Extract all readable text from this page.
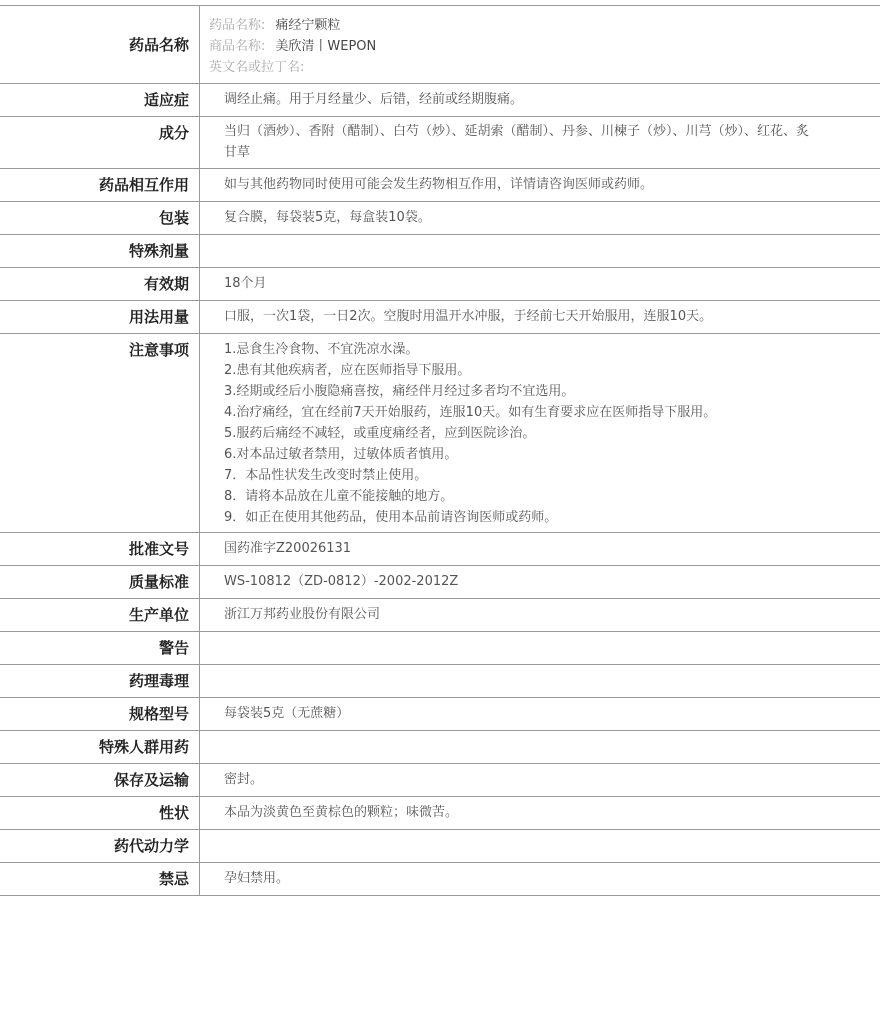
药品名称
药品名称: 痛经宁颗粒
商品名称: 美欣清丨WEPON
英文名或拉丁名:
适应症	调经止痛。用于月经量少、后错，经前或经期腹痛。
成分	当归（酒炒）、香附（醋制）、白芍（炒）、延胡索（醋制）、丹参、川楝子（炒）、川芎（炒）、红花、炙甘草
药品相互作用	如与其他药物同时使用可能会发生药物相互作用，详情请咨询医师或药师。
包装	复合膜，每袋装5克，每盒装10袋。
特殊剂量
有效期	18个月
用法用量	口服，一次1袋，一日2次。空腹时用温开水冲服，于经前七天开始服用，连服10天。
注意事项	1.忌食生冷食物、不宜洗凉水澡。
2.患有其他疾病者，应在医师指导下服用。
3.经期或经后小腹隐痛喜按，痛经伴月经过多者均不宜选用。
4.治疗痛经，宜在经前7天开始服药，连服10天。如有生育要求应在医师指导下服用。
5.服药后痛经不减轻，或重度痛经者，应到医院诊治。
6.对本品过敏者禁用，过敏体质者慎用。
7．本品性状发生改变时禁止使用。
8．请将本品放在儿童不能接触的地方。
9．如正在使用其他药品，使用本品前请咨询医师或药师。
批准文号	国药准字Z20026131
质量标准	WS-10812（ZD-0812）-2002-2012Z
生产单位	浙江万邦药业股份有限公司
警告
药理毒理
规格型号	每袋装5克（无蔗糖）
特殊人群用药
保存及运输	密封。
性状	本品为淡黄色至黄棕色的颗粒；味微苦。
药代动力学
禁忌	孕妇禁用。
